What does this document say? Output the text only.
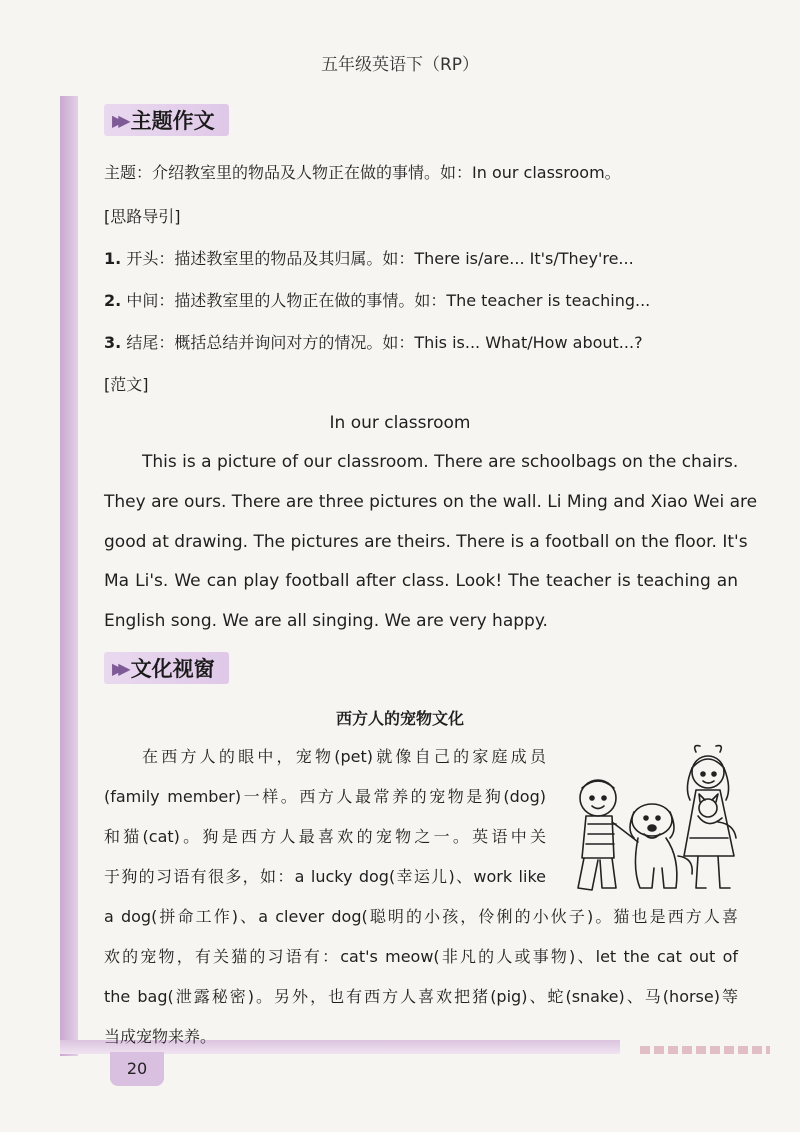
五年级英语下（RP）
▶▶ 主题作文
主题：介绍教室里的物品及人物正在做的事情。如：In our classroom。
[思路导引]
1. 开头：描述教室里的物品及其归属。如：There is/are... It's/They're...
2. 中间：描述教室里的人物正在做的事情。如：The teacher is teaching...
3. 结尾：概括总结并询问对方的情况。如：This is... What/How about...?
[范文]
In our classroom
This is a picture of our classroom. There are schoolbags on the chairs.
They are ours. There are three pictures on the wall. Li Ming and Xiao Wei are
good at drawing. The pictures are theirs. There is a football on the floor. It's
Ma Li's. We can play football after class. Look! The teacher is teaching an
English song. We are all singing. We are very happy.
▶▶ 文化视窗
西方人的宠物文化
在西方人的眼中，宠物(pet)就像自己的家庭成员
(family member)一样。西方人最常养的宠物是狗(dog)
和猫(cat)。狗是西方人最喜欢的宠物之一。英语中关
于狗的习语有很多，如：a lucky dog(幸运儿)、work like
a dog(拼命工作)、a clever dog(聪明的小孩，伶俐的小伙子)。猫也是西方人喜
欢的宠物，有关猫的习语有：cat's meow(非凡的人或事物)、let the cat out of
the bag(泄露秘密)。另外，也有西方人喜欢把猪(pig)、蛇(snake)、马(horse)等
当成宠物来养。
20
